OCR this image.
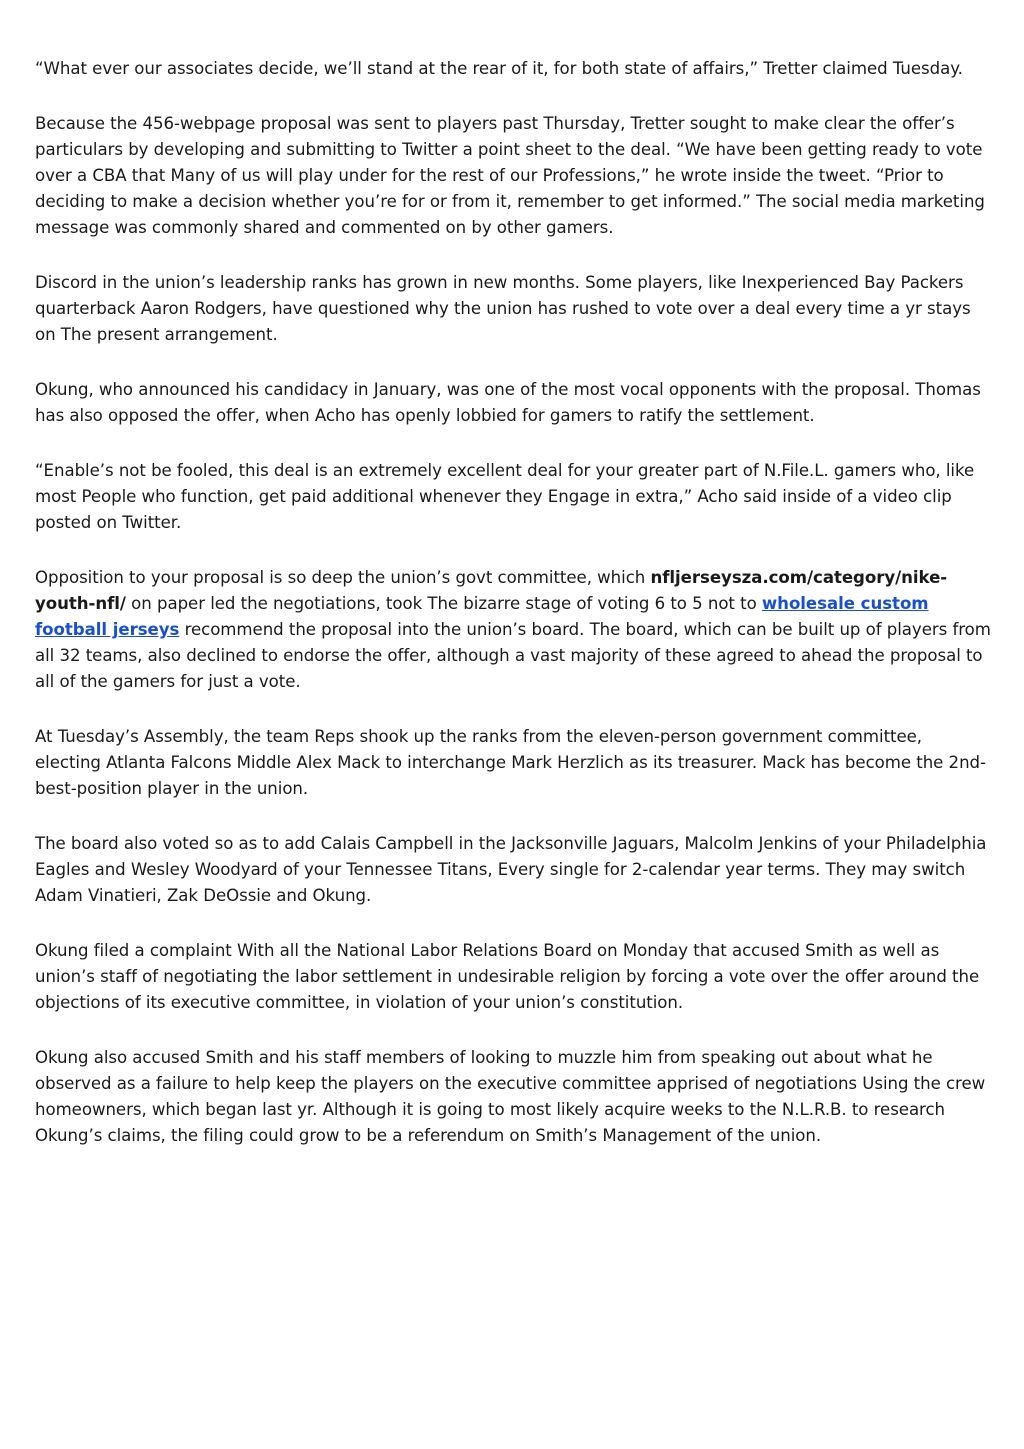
“What ever our associates decide, we’ll stand at the rear of it, for both state of affairs,” Tretter claimed Tuesday.

Because the 456-webpage proposal was sent to players past Thursday, Tretter sought to make clear the offer’s particulars by developing and submitting to Twitter a point sheet to the deal. “We have been getting ready to vote over a CBA that Many of us will play under for the rest of our Professions,” he wrote inside the tweet. “Prior to deciding to make a decision whether you’re for or from it, remember to get informed.” The social media marketing message was commonly shared and commented on by other gamers.

Discord in the union’s leadership ranks has grown in new months. Some players, like Inexperienced Bay Packers quarterback Aaron Rodgers, have questioned why the union has rushed to vote over a deal every time a yr stays on The present arrangement.

Okung, who announced his candidacy in January, was one of the most vocal opponents with the proposal. Thomas has also opposed the offer, when Acho has openly lobbied for gamers to ratify the settlement.

“Enable’s not be fooled, this deal is an extremely excellent deal for your greater part of N.File.L. gamers who, like most People who function, get paid additional whenever they Engage in extra,” Acho said inside of a video clip posted on Twitter.

Opposition to your proposal is so deep the union’s govt committee, which nfljerseysza.com/category/nike-youth-nfl/ on paper led the negotiations, took The bizarre stage of voting 6 to 5 not to wholesale custom football jerseys recommend the proposal into the union’s board. The board, which can be built up of players from all 32 teams, also declined to endorse the offer, although a vast majority of these agreed to ahead the proposal to all of the gamers for just a vote.

At Tuesday’s Assembly, the team Reps shook up the ranks from the eleven-person government committee, electing Atlanta Falcons Middle Alex Mack to interchange Mark Herzlich as its treasurer. Mack has become the 2nd-best-position player in the union.

The board also voted so as to add Calais Campbell in the Jacksonville Jaguars, Malcolm Jenkins of your Philadelphia Eagles and Wesley Woodyard of your Tennessee Titans, Every single for 2-calendar year terms. They may switch Adam Vinatieri, Zak DeOssie and Okung.

Okung filed a complaint With all the National Labor Relations Board on Monday that accused Smith as well as union’s staff of negotiating the labor settlement in undesirable religion by forcing a vote over the offer around the objections of its executive committee, in violation of your union’s constitution.

Okung also accused Smith and his staff members of looking to muzzle him from speaking out about what he observed as a failure to help keep the players on the executive committee apprised of negotiations Using the crew homeowners, which began last yr. Although it is going to most likely acquire weeks to the N.L.R.B. to research Okung’s claims, the filing could grow to be a referendum on Smith’s Management of the union.
